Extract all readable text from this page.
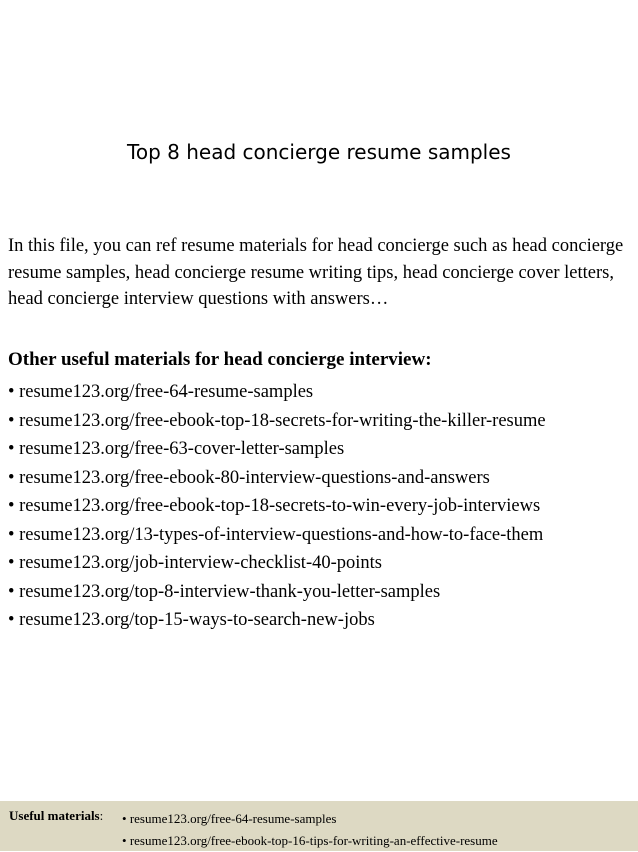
Top 8 head concierge resume samples

In this file, you can ref resume materials for head concierge such as head concierge resume samples, head concierge resume writing tips, head concierge cover letters, head concierge interview questions with answers…

Other useful materials for head concierge interview:
• resume123.org/free-64-resume-samples
• resume123.org/free-ebook-top-18-secrets-for-writing-the-killer-resume
• resume123.org/free-63-cover-letter-samples
• resume123.org/free-ebook-80-interview-questions-and-answers
• resume123.org/free-ebook-top-18-secrets-to-win-every-job-interviews
• resume123.org/13-types-of-interview-questions-and-how-to-face-them
• resume123.org/job-interview-checklist-40-points
• resume123.org/top-8-interview-thank-you-letter-samples
• resume123.org/top-15-ways-to-search-new-jobs
Useful materials: • resume123.org/free-64-resume-samples
• resume123.org/free-ebook-top-16-tips-for-writing-an-effective-resume
